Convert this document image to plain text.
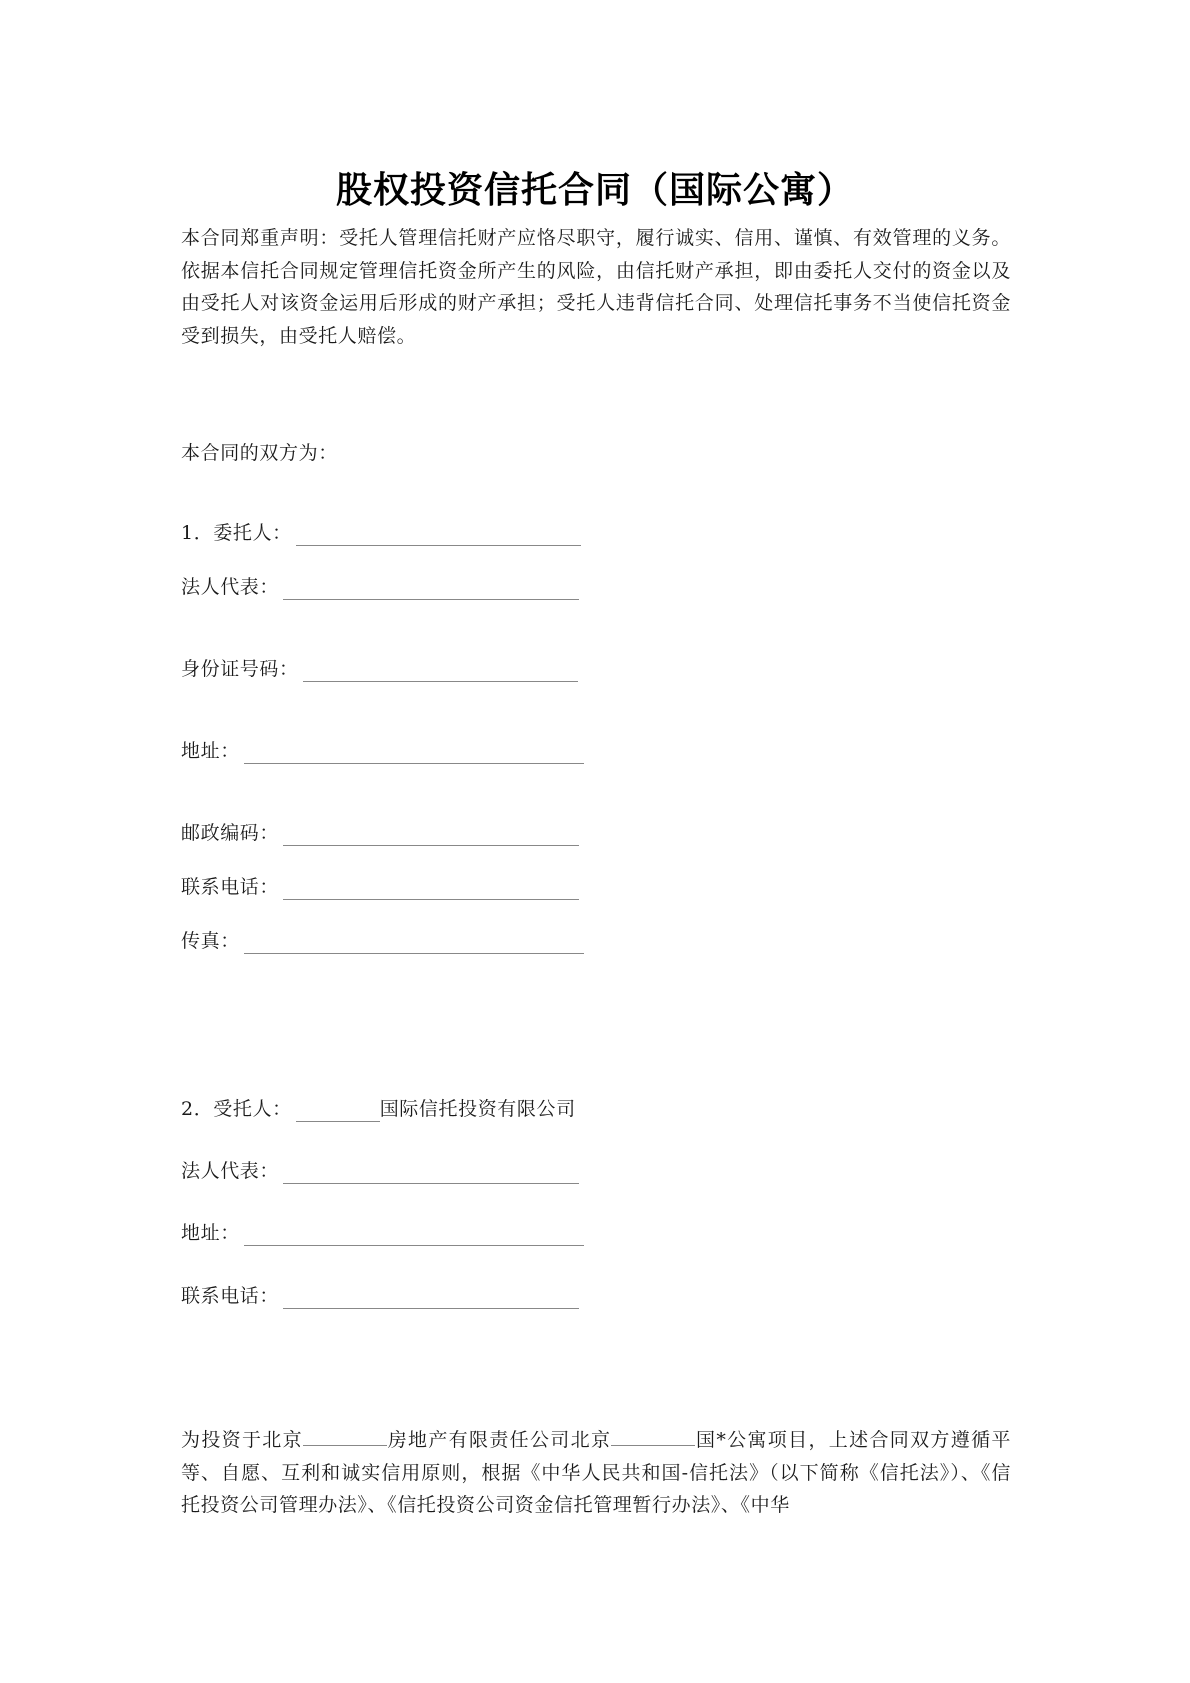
股权投资信托合同（国际公寓）
本合同郑重声明：受托人管理信托财产应恪尽职守，履行诚实、信用、谨慎、有效管理的义务。依据本信托合同规定管理信托资金所产生的风险，由信托财产承担，即由委托人交付的资金以及由受托人对该资金运用后形成的财产承担；受托人违背信托合同、处理信托事务不当使信托资金受到损失，由受托人赔偿。
本合同的双方为：
1．委托人：
法人代表：
身份证号码：
地址：
邮政编码：
联系电话：
传真：
2．受托人：	国际信托投资有限公司
法人代表：
地址：
联系电话：
为投资于北京	房地产有限责任公司北京	国*公寓项目，上述合同双方遵循平等、自愿、互利和诚实信用原则，根据《中华人民共和国-信托法》（以下简称《信托法》）、《信托投资公司管理办法》、《信托投资公司资金信托管理暂行办法》、《中华
